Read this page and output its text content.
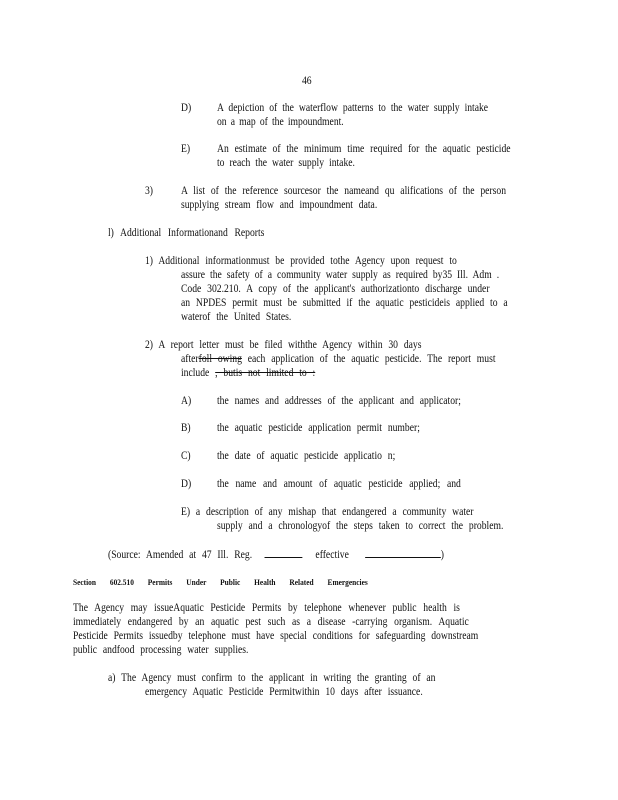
46
D) A depiction of the waterflow patterns to the water supply intake
on a map of the impoundment.
E) An estimate of the minimum time required for the aquatic pesticide
to reach the water supply intake.
3) A list of the reference sourcesor the nameand qu alifications of the person
supplying stream flow and impoundment data.
l) Additional Informationand Reports
1) Additional informationmust be provided tothe Agency upon request to
assure the safety of a community water supply as required by35 Ill. Adm .
Code 302.210. A copy of the applicant's authorizationto discharge under
an NPDES permit must be submitted if the aquatic pesticideis applied to a
waterof the United States.
2) A report letter must be filed withthe Agency within 30 days
afterfoll owing each application of the aquatic pesticide. The report must
include , butis not limited to :
A) the names and addresses of the applicant and applicator;
B) the aquatic pesticide application permit number;
C) the date of aquatic pesticide applicatio n;
D) the name and amount of aquatic pesticide applied; and
E) a description of any mishap that endangered a community water
supply and a chronologyof the steps taken to correct the problem.
(Source: Amended at 47 Ill. Reg.	effective	)
Section 602.510 Permits Under Public Health Related Emergencies
The Agency may issueAquatic Pesticide Permits by telephone whenever public health is
immediately endangered by an aquatic pest such as a disease -carrying organism. Aquatic
Pesticide Permits issuedby telephone must have special conditions for safeguarding downstream
public andfood processing water supplies.
a) The Agency must confirm to the applicant in writing the granting of an
emergency Aquatic Pesticide Permitwithin 10 days after issuance.
